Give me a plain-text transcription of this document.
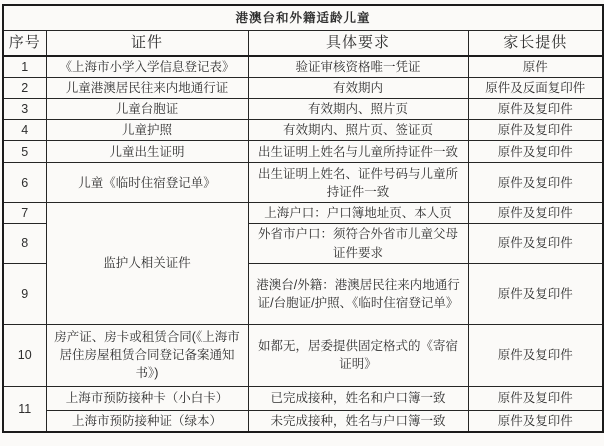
港澳台和外籍适龄儿童			
序号	证件	具体要求	家长提供
1	《上海市小学入学信息登记表》	验证审核资格唯一凭证	原件
2	儿童港澳居民往来内地通行证	有效期内	原件及反面复印件
3	儿童台胞证	有效期内、照片页	原件及复印件
4	儿童护照	有效期内、照片页、签证页	原件及复印件
5	儿童出生证明	出生证明上姓名与儿童所持证件一致	原件及复印件
6	儿童《临时住宿登记单》	出生证明上姓名、证件号码与儿童所持证件一致	原件及复印件
7	监护人相关证件	上海户口：户口簿地址页、本人页	原件及复印件
8		外省市户口：须符合外省市儿童父母证件要求	原件及复印件
9		港澳台/外籍：港澳居民往来内地通行证/台胞证/护照、《临时住宿登记单》	原件及复印件
10	房产证、房卡或租赁合同(《上海市居住房屋租赁合同登记备案通知书》)	如都无，居委提供固定格式的《寄宿证明》	原件及复印件
11	上海市预防接种卡（小白卡）	已完成接种，姓名和户口簿一致	原件及复印件
	上海市预防接种证（绿本）	未完成接种，姓名与户口簿一致	原件及复印件
